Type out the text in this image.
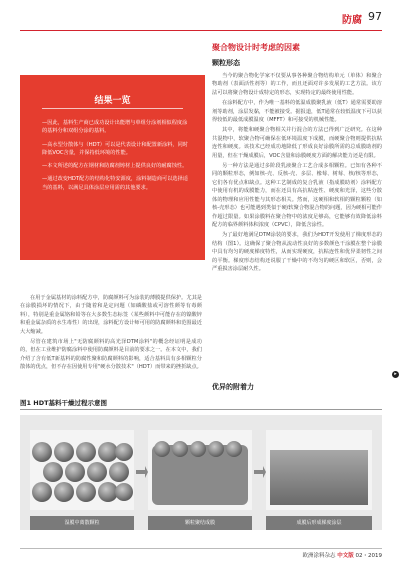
防腐 97
聚合物设计时考虑的因素
颗粒形态

当今的聚合物化学家不仅要从事各种聚合物结构单元（单体）和聚合物助剂（表面活性剂等）的工作，而且还面对许多发展的工艺方法。该方法可以将聚合物设计成特定的形态，实现特定的最终使用性能。

在涂料配方中，作为唯一基料的低温成膜聚乳液（低T）通常需要助溶剂等助剂，涂层发黏，不能被接受。据报道，低T通常在较低温度下可以获得较低的最低成膜温度（MFFT）和可接受的机械性能。

其中，将能和硬聚合物相关并行混合的方法已得到广泛研究。在这种共混物中，软聚合物可确保在低环境温度下成膜，而硬聚合物则提供抗粘连性和硬度。该技术已经成功地降低了形成良好涂膜所需的总成膜助剂的用量，但在干燥成膜后，VOC含量和涂膜硬度方面的解决能力还是有限。

另一种方法是通过多阶段乳液聚合工艺合成多相颗粒。已知有各种不同的颗粒形态，例如核-壳、反核-壳、多层、橡莓、树莓、核/核等形态，它们各有优点和缺点。这种工艺制成的复合乳液（指成膜助剂）涂料配方中使用有机的成膜能力，而在还具有高抗粘连性、硬度和光泽，这些分散体的物理和应用性能与其形态相关。然而，这硬相和软相的颗粒颗粒（如核-壳形态）也可能遇到类似于硬/软聚合物混合物的问题，因为硬相可能作作超过限量。如果涂膜料在聚合物中的浓度足够高，它能够有效降低涂料配方的临界颜料体积浓度（CPVC），降低含涂性。

为了最好地满足DTM涂装的要求，我们为HDT开发使用了梯度形态的结构（图1）。这确保了聚合物从流动性良好的多数颜色干涂膜在整个涂膜中具有均匀的硬度梯度特性，从而实现硬度，抗粘连性和优异柔韧性之间的平衡。梯度形态结构还说服了干燥中的不均匀的硬区和软区，否则，会严重损害涂层耐久性。

优异的附着力
▸
结果一览
—因此，基料生产商已成功设计出能增与单组分涂剂相似程度涂的基料分和双组分涂的基料。
—高水型分散体与（HDT）可以是代表设计和配置新涂料，同时降低VOC含量，并保持低环境的性能。
—本文所述的配方在钢材和防腐剂铸材上提供良好的耐腐蚀性。
—通过改变HDT配方的结构化特安源度，涂料制造商可以选择适当的基料，以满足具体涂层应用需的其他要求。

在用于金属基材的涂料配方中，防腐颜料可为涂装的薄膜提供保护。尤其是在涂膜损坏的情况下，由于随着和是定问题（如磷酸盐或可溶性颜等有毒颜料），特别是重金属铬和铅等在大多数生态标签（某些颜料中可能存在的镍酸锌和重金属杂质的水生毒性）的出现，涂料配方设计师可用的防腐颜料和范围最近大大缩减。

尽管在建筑市场上"无防腐颜料的高光泽DTM涂料"的概念经证明是成功的，但在工业维护防腐涂料中使用防腐颜料是目前的要求之一。在本文中，我们介绍了含有低T新基料的防腐性聚和防腐颜料的影响，适合基料具有多相颗粒分散体的优点，但不存在因使用专用"硬水分散技术"（HDT）而带来的挫折缺点。

图1 HDT基料干燥过程示意图
湿膜中离散颗粒	颗粒聚结成膜	成膜后形成梯度涂层
欧洲涂料杂志 中文版 02・2019
